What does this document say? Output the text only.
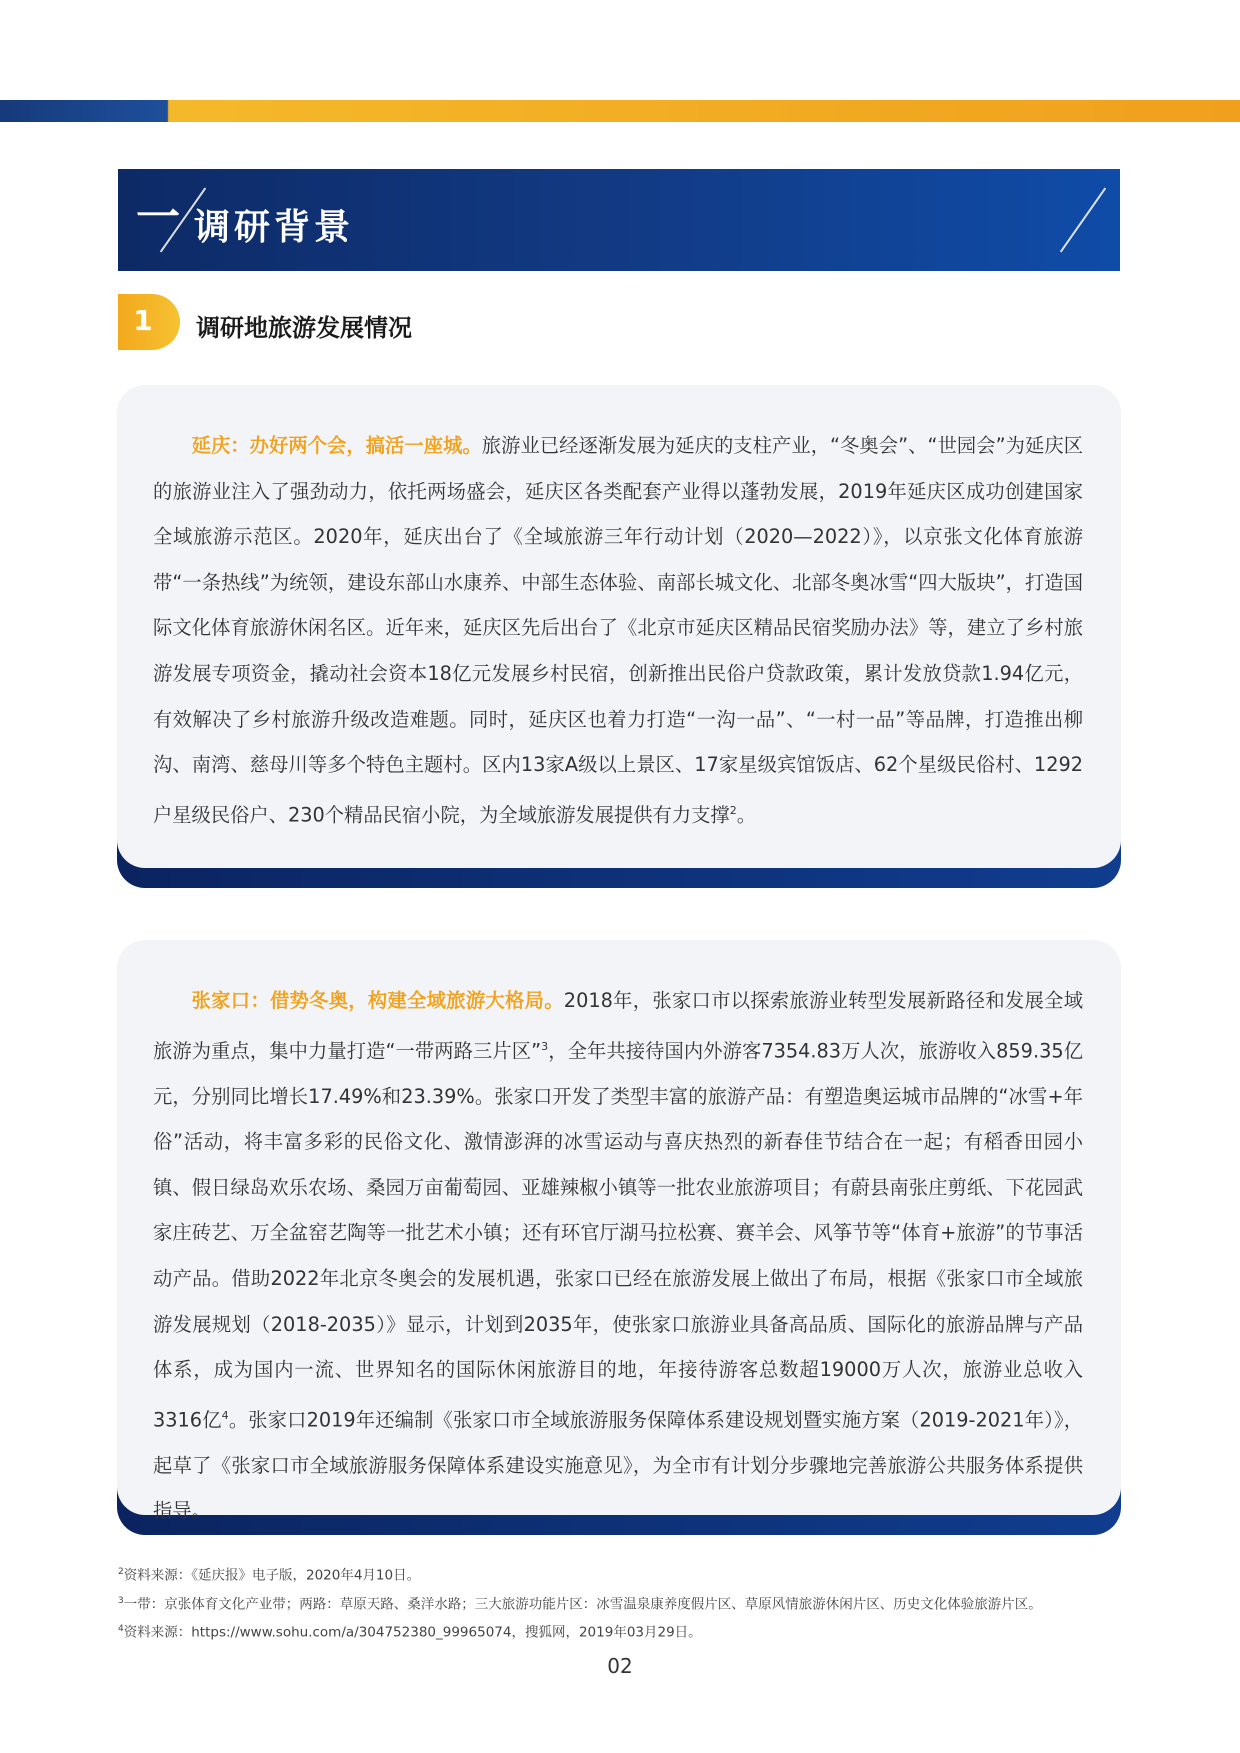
一 调研背景
1	调研地旅游发展情况
延庆：办好两个会，搞活一座城。旅游业已经逐渐发展为延庆的支柱产业，“冬奥会”、“世园会”为延庆区的旅游业注入了强劲动力，依托两场盛会，延庆区各类配套产业得以蓬勃发展，2019年延庆区成功创建国家全域旅游示范区。2020年，延庆出台了《全域旅游三年行动计划（2020—2022）》，以京张文化体育旅游带“一条热线”为统领，建设东部山水康养、中部生态体验、南部长城文化、北部冬奥冰雪“四大版块”，打造国际文化体育旅游休闲名区。近年来，延庆区先后出台了《北京市延庆区精品民宿奖励办法》等，建立了乡村旅游发展专项资金，撬动社会资本18亿元发展乡村民宿，创新推出民俗户贷款政策，累计发放贷款1.94亿元，有效解决了乡村旅游升级改造难题。同时，延庆区也着力打造“一沟一品”、“一村一品”等品牌，打造推出柳沟、南湾、慈母川等多个特色主题村。区内13家A级以上景区、17家星级宾馆饭店、62个星级民俗村、1292户星级民俗户、230个精品民宿小院，为全域旅游发展提供有力支撑$^2$。
张家口：借势冬奥，构建全域旅游大格局。2018年，张家口市以探索旅游业转型发展新路径和发展全域旅游为重点，集中力量打造“一带两路三片区”$^3$，全年共接待国内外游客7354.83万人次，旅游收入859.35亿元，分别同比增长17.49%和23.39%。张家口开发了类型丰富的旅游产品：有塑造奥运城市品牌的“冰雪+年俗”活动，将丰富多彩的民俗文化、激情澎湃的冰雪运动与喜庆热烈的新春佳节结合在一起；有稻香田园小镇、假日绿岛欢乐农场、桑园万亩葡萄园、亚雄辣椒小镇等一批农业旅游项目；有蔚县南张庄剪纸、下花园武家庄砖艺、万全盆窑艺陶等一批艺术小镇；还有环官厅湖马拉松赛、赛羊会、风筝节等“体育+旅游”的节事活动产品。借助2022年北京冬奥会的发展机遇，张家口已经在旅游发展上做出了布局，根据《张家口市全域旅游发展规划（2018-2035）》显示，计划到2035年，使张家口旅游业具备高品质、国际化的旅游品牌与产品体系，成为国内一流、世界知名的国际休闲旅游目的地，年接待游客总数超19000万人次，旅游业总收入3316亿$^4$。张家口2019年还编制《张家口市全域旅游服务保障体系建设规划暨实施方案（2019-2021年）》，起草了《张家口市全域旅游服务保障体系建设实施意见》，为全市有计划分步骤地完善旅游公共服务体系提供指导。
$^2$资料来源：《延庆报》电子版，2020年4月10日。
$^3$一带：京张体育文化产业带；两路：草原天路、桑洋水路；三大旅游功能片区：冰雪温泉康养度假片区、草原风情旅游休闲片区、历史文化体验旅游片区。
$^4$资料来源：https://www.sohu.com/a/304752380_99965074，搜狐网，2019年03月29日。
02
